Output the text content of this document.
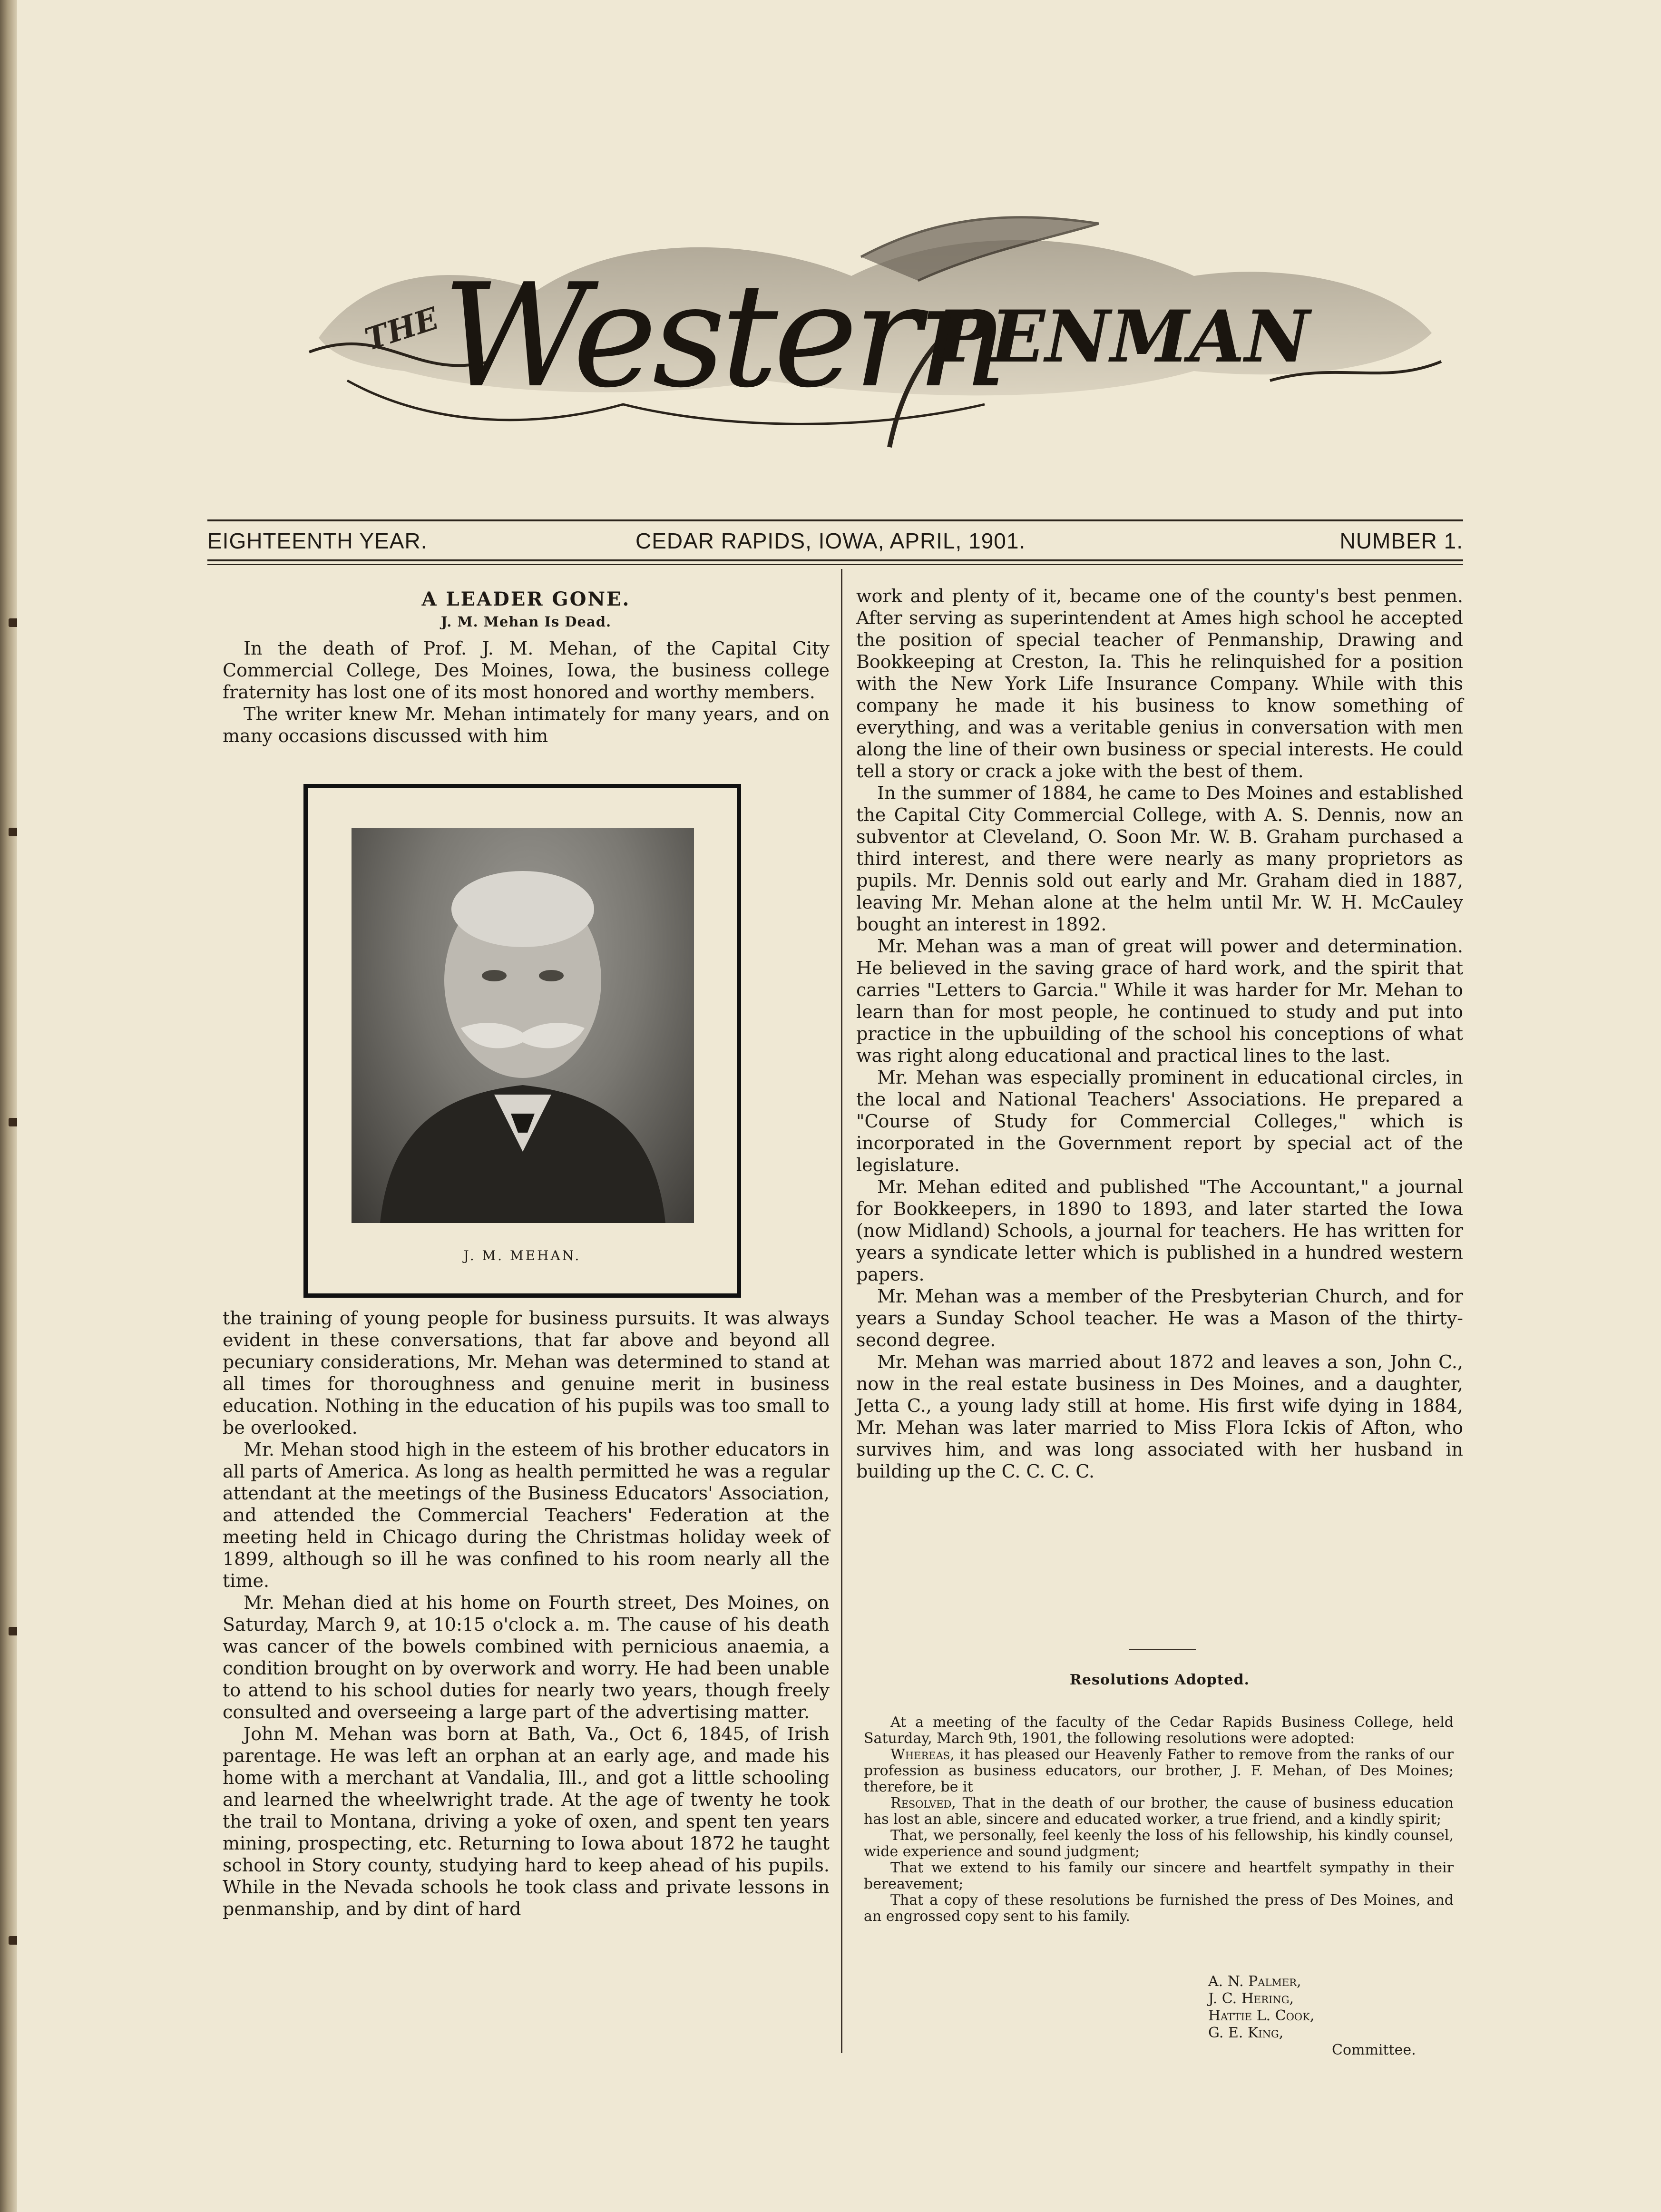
THE Western
PENMAN
EIGHTEENTH YEAR.	CEDAR RAPIDS, IOWA, APRIL, 1901.	NUMBER 1.
A LEADER GONE.
J. M. Mehan Is Dead.

In the death of Prof. J. M. Mehan, of the Capital City Commercial College, Des Moines, Iowa, the business college fraternity has lost one of its most honored and worthy members.

The writer knew Mr. Mehan intimately for many years, and on many occasions discussed with him

J. M. MEHAN.

the training of young people for business pursuits. It was always evident in these conversations, that far above and beyond all pecuniary considerations, Mr. Mehan was determined to stand at all times for thoroughness and genuine merit in business education. Nothing in the education of his pupils was too small to be overlooked.

Mr. Mehan stood high in the esteem of his brother educators in all parts of America. As long as health permitted he was a regular attendant at the meetings of the Business Educators' Association, and attended the Commercial Teachers' Federation at the meeting held in Chicago during the Christmas holiday week of 1899, although so ill he was confined to his room nearly all the time.

Mr. Mehan died at his home on Fourth street, Des Moines, on Saturday, March 9, at 10:15 o'clock a. m. The cause of his death was cancer of the bowels combined with pernicious anaemia, a condition brought on by overwork and worry. He had been unable to attend to his school duties for nearly two years, though freely consulted and overseeing a large part of the advertising matter.

John M. Mehan was born at Bath, Va., Oct 6, 1845, of Irish parentage. He was left an orphan at an early age, and made his home with a merchant at Vandalia, Ill., and got a little schooling and learned the wheelwright trade. At the age of twenty he took the trail to Montana, driving a yoke of oxen, and spent ten years mining, prospecting, etc. Returning to Iowa about 1872 he taught school in Story county, studying hard to keep ahead of his pupils. While in the Nevada schools he took class and private lessons in penmanship, and by dint of hard

work and plenty of it, became one of the county's best penmen. After serving as superintendent at Ames high school he accepted the position of special teacher of Penmanship, Drawing and Bookkeeping at Creston, Ia. This he relinquished for a position with the New York Life Insurance Company. While with this company he made it his business to know something of everything, and was a veritable genius in conversation with men along the line of their own business or special interests. He could tell a story or crack a joke with the best of them.

In the summer of 1884, he came to Des Moines and established the Capital City Commercial College, with A. S. Dennis, now an subventor at Cleveland, O. Soon Mr. W. B. Graham purchased a third interest, and there were nearly as many proprietors as pupils. Mr. Dennis sold out early and Mr. Graham died in 1887, leaving Mr. Mehan alone at the helm until Mr. W. H. McCauley bought an interest in 1892.

Mr. Mehan was a man of great will power and determination. He believed in the saving grace of hard work, and the spirit that carries "Letters to Garcia." While it was harder for Mr. Mehan to learn than for most people, he continued to study and put into practice in the upbuilding of the school his conceptions of what was right along educational and practical lines to the last.

Mr. Mehan was especially prominent in educational circles, in the local and National Teachers' Associations. He prepared a "Course of Study for Commercial Colleges," which is incorporated in the Government report by special act of the legislature.

Mr. Mehan edited and published "The Accountant," a journal for Bookkeepers, in 1890 to 1893, and later started the Iowa (now Midland) Schools, a journal for teachers. He has written for years a syndicate letter which is published in a hundred western papers.

Mr. Mehan was a member of the Presbyterian Church, and for years a Sunday School teacher. He was a Mason of the thirty-second degree.

Mr. Mehan was married about 1872 and leaves a son, John C., now in the real estate business in Des Moines, and a daughter, Jetta C., a young lady still at home. His first wife dying in 1884, Mr. Mehan was later married to Miss Flora Ickis of Afton, who survives him, and was long associated with her husband in building up the C. C. C. C.

Resolutions Adopted.

At a meeting of the faculty of the Cedar Rapids Business College, held Saturday, March 9th, 1901, the following resolutions were adopted:

Whereas, it has pleased our Heavenly Father to remove from the ranks of our profession as business educators, our brother, J. F. Mehan, of Des Moines; therefore, be it

Resolved, That in the death of our brother, the cause of business education has lost an able, sincere and educated worker, a true friend, and a kindly spirit;

That, we personally, feel keenly the loss of his fellowship, his kindly counsel, wide experience and sound judgment;

That we extend to his family our sincere and heartfelt sympathy in their bereavement;

That a copy of these resolutions be furnished the press of Des Moines, and an engrossed copy sent to his family.

A. N. Palmer,
J. C. Hering,
Hattie L. Cook,
G. E. King,
Committee.
